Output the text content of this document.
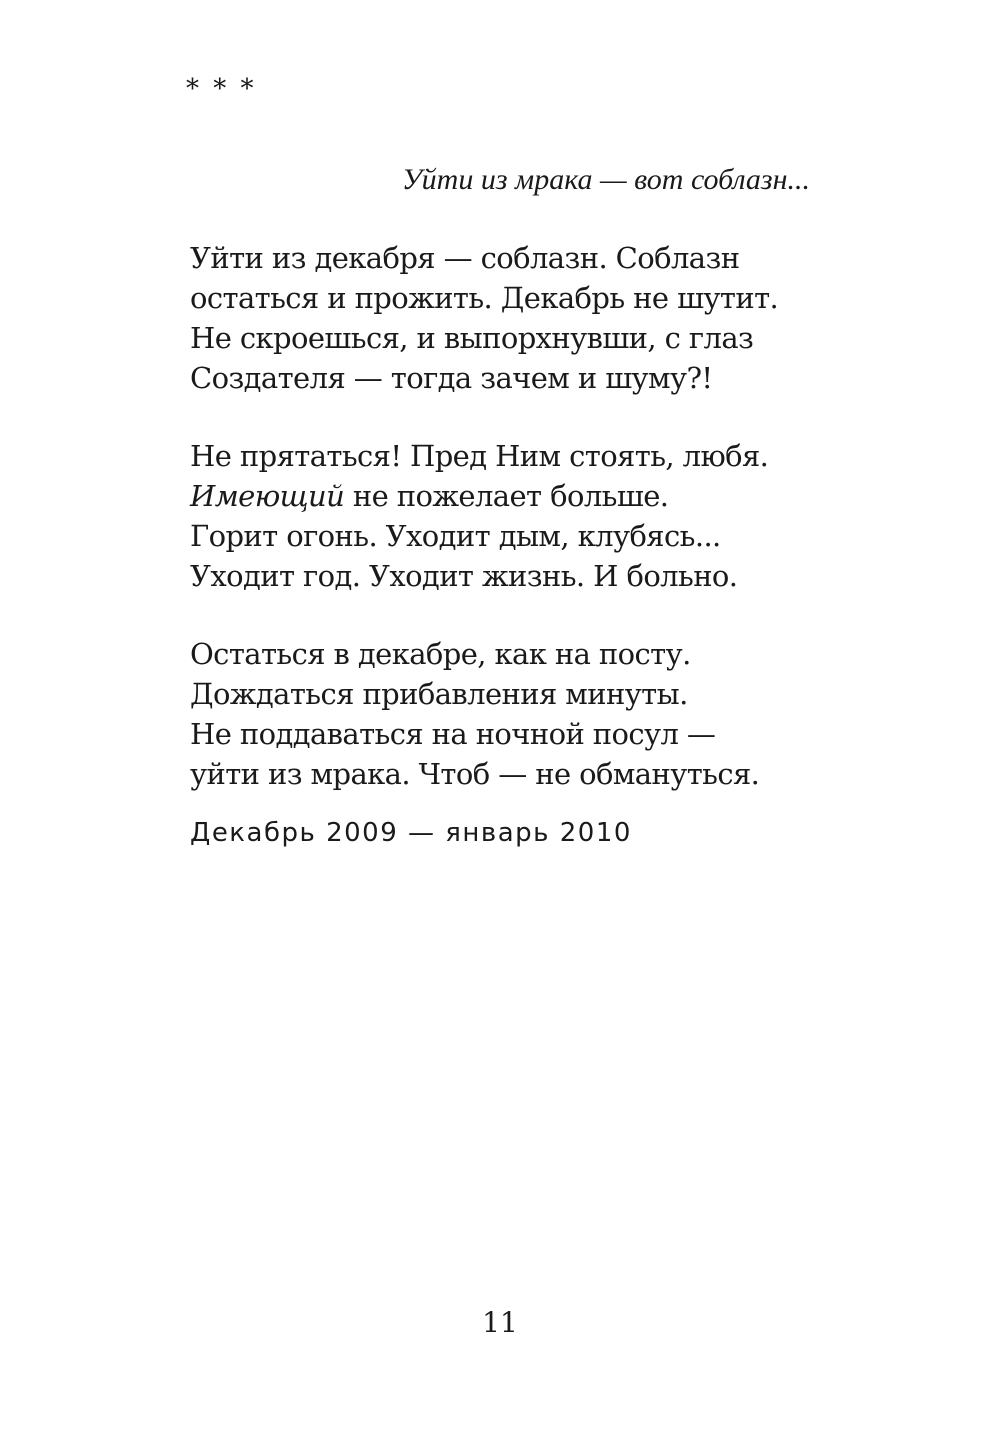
* * *
Уйти из мрака — вот соблазн...
Уйти из декабря — соблазн. Соблазн
остаться и прожить. Декабрь не шутит.
Не скроешься, и выпорхнувши, с глаз
Создателя — тогда зачем и шуму?!
Не прятаться! Пред Ним стоять, любя.
Имеющий не пожелает больше.
Горит огонь. Уходит дым, клубясь...
Уходит год. Уходит жизнь. И больно.
Остаться в декабре, как на посту.
Дождаться прибавления минуты.
Не поддаваться на ночной посул —
уйти из мрака. Чтоб — не обмануться.
Декабрь 2009 — январь 2010
11
